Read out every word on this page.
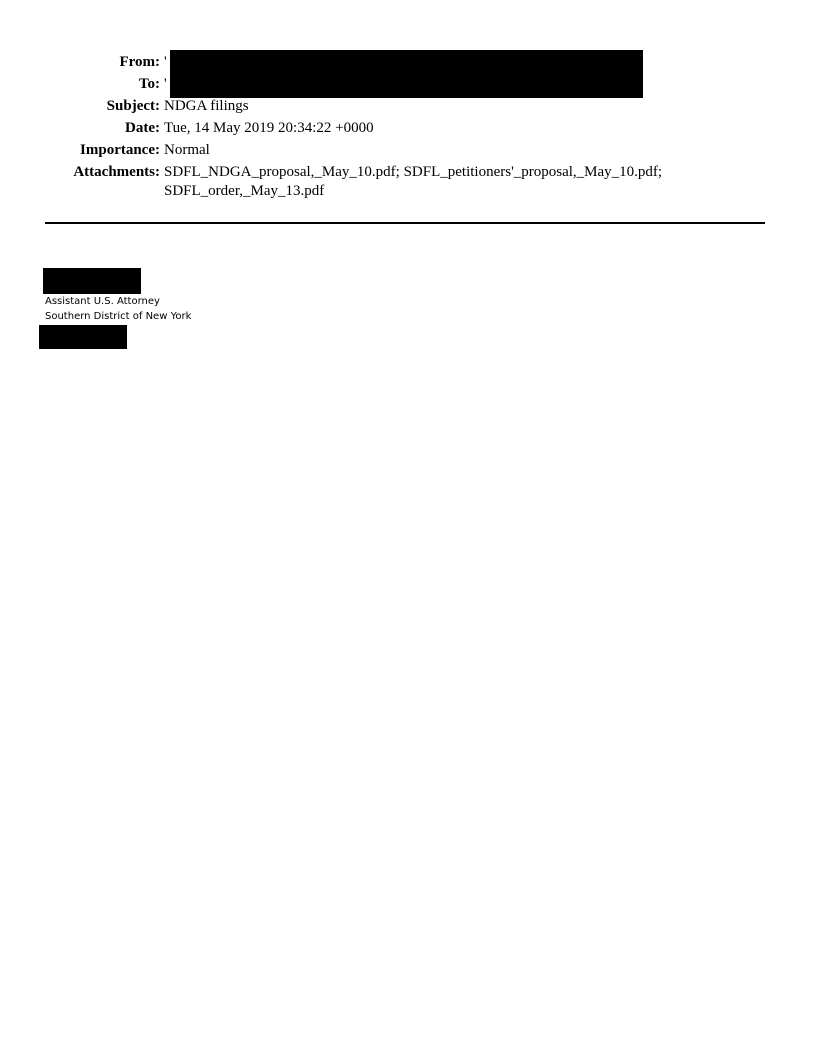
From: '
To: '
Subject: NDGA filings
Date: Tue, 14 May 2019 20:34:22 +0000
Importance: Normal
Attachments: SDFL_NDGA_proposal,_May_10.pdf; SDFL_petitioners'_proposal,_May_10.pdf;
SDFL_order,_May_13.pdf
Assistant U.S. Attorney
Southern District of New York
